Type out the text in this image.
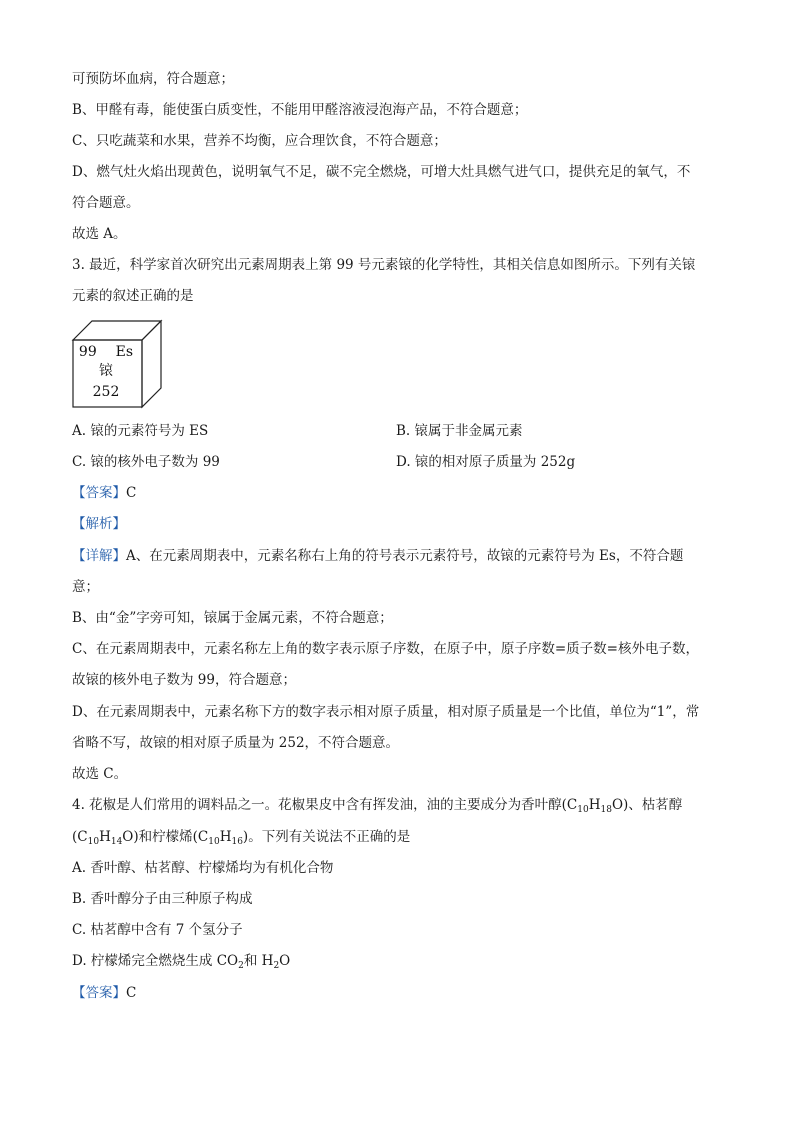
可预防坏血病，符合题意；
B、甲醛有毒，能使蛋白质变性，不能用甲醛溶液浸泡海产品，不符合题意；
C、只吃蔬菜和水果，营养不均衡，应合理饮食，不符合题意；
D、燃气灶火焰出现黄色，说明氧气不足，碳不完全燃烧，可增大灶具燃气进气口，提供充足的氧气，不
符合题意。
故选 A。
3. 最近，科学家首次研究出元素周期表上第 99 号元素锿的化学特性，其相关信息如图所示。下列有关锿
元素的叙述正确的是
99 Es
锿
252
A. 锿的元素符号为 ES	B. 锿属于非金属元素
C. 锿的核外电子数为 99	D. 锿的相对原子质量为 252g
【答案】C
【解析】
【详解】A、在元素周期表中，元素名称右上角的符号表示元素符号，故锿的元素符号为 Es，不符合题
意；
B、由“金”字旁可知，锿属于金属元素，不符合题意；
C、在元素周期表中，元素名称左上角的数字表示原子序数，在原子中，原子序数=质子数=核外电子数，
故锿的核外电子数为 99，符合题意；
D、在元素周期表中，元素名称下方的数字表示相对原子质量，相对原子质量是一个比值，单位为“1”，常
省略不写，故锿的相对原子质量为 252，不符合题意。
故选 C。
4. 花椒是人们常用的调料品之一。花椒果皮中含有挥发油，油的主要成分为香叶醇$(C_{10}H_{18}O)$、枯茗醇
$(C_{10}H_{14}O)$和柠檬烯$(C_{10}H_{16})$。下列有关说法不正确的是
A. 香叶醇、枯茗醇、柠檬烯均为有机化合物
B. 香叶醇分子由三种原子构成
C. 枯茗醇中含有 7 个氢分子
D. 柠檬烯完全燃烧生成 $CO_2$和 $H_2O$
【答案】C
